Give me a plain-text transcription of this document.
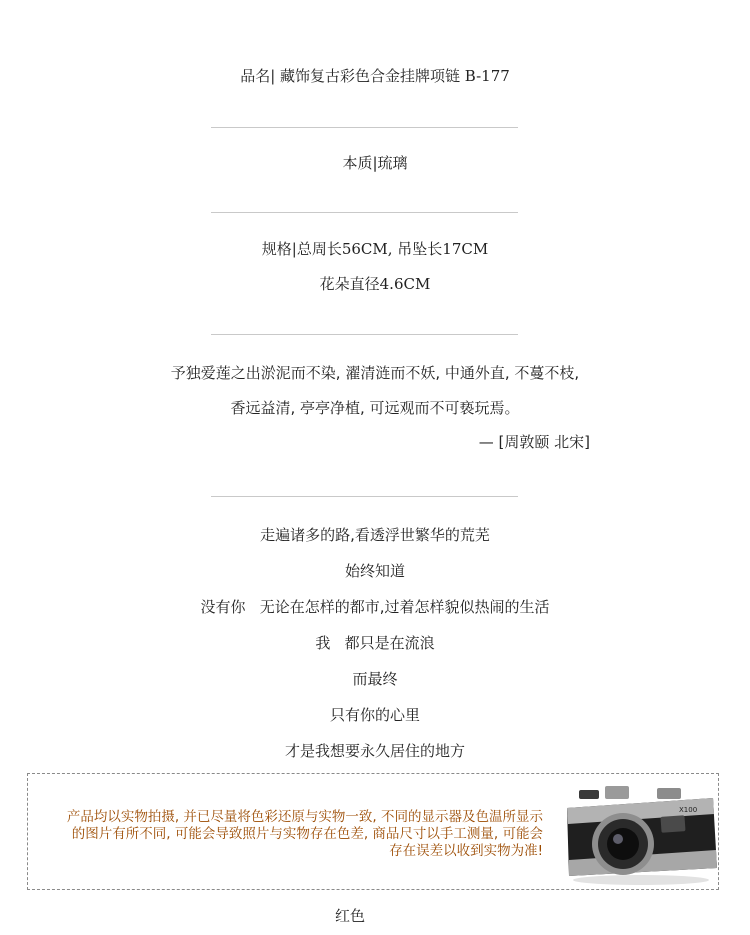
品名| 藏饰复古彩色合金挂牌项链 B-177
本质|琉璃
规格|总周长56CM, 吊坠长17CM
花朵直径4.6CM
予独爱莲之出淤泥而不染, 濯清涟而不妖, 中通外直, 不蔓不枝,
香远益清, 亭亭净植, 可远观而不可亵玩焉。
— [周敦颐 北宋]
走遍诸多的路,看透浮世繁华的荒芜
始终知道
没有你   无论在怎样的都市,过着怎样貌似热闹的生活
我   都只是在流浪
而最终
只有你的心里
才是我想要永久居住的地方
产品均以实物拍摄, 并已尽量将色彩还原与实物一致, 不同的显示器及色温所显示
的图片有所不同, 可能会导致照片与实物存在色差, 商品尺寸以手工测量, 可能会
存在误差以收到实物为准!
X100
红色
